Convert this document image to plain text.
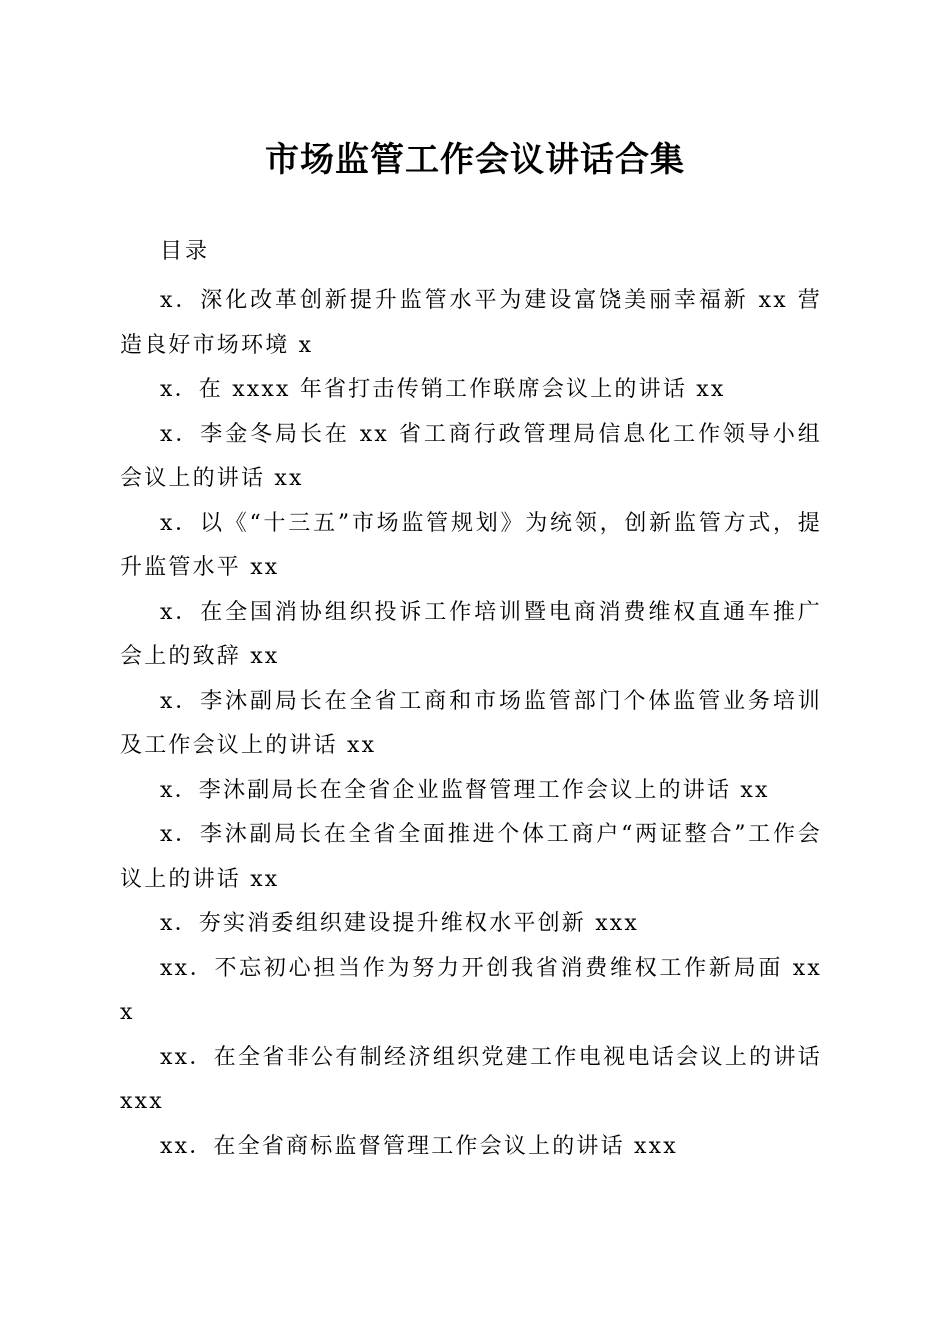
市场监管工作会议讲话合集

目录

x．深化改革创新提升监管水平为建设富饶美丽幸福新 xx 营造良好市场环境 x
x．在 xxxx 年省打击传销工作联席会议上的讲话 xx
x．李金冬局长在 xx 省工商行政管理局信息化工作领导小组会议上的讲话 xx
x．以《“十三五”市场监管规划》为统领，创新监管方式，提升监管水平 xx
x．在全国消协组织投诉工作培训暨电商消费维权直通车推广会上的致辞 xx
x．李沐副局长在全省工商和市场监管部门个体监管业务培训及工作会议上的讲话 xx
x．李沐副局长在全省企业监督管理工作会议上的讲话 xx
x．李沐副局长在全省全面推进个体工商户“两证整合”工作会议上的讲话 xx
x．夯实消委组织建设提升维权水平创新 xxx
xx．不忘初心担当作为努力开创我省消费维权工作新局面 xxx
xx．在全省非公有制经济组织党建工作电视电话会议上的讲话 xxx
xx．在全省商标监督管理工作会议上的讲话 xxx
